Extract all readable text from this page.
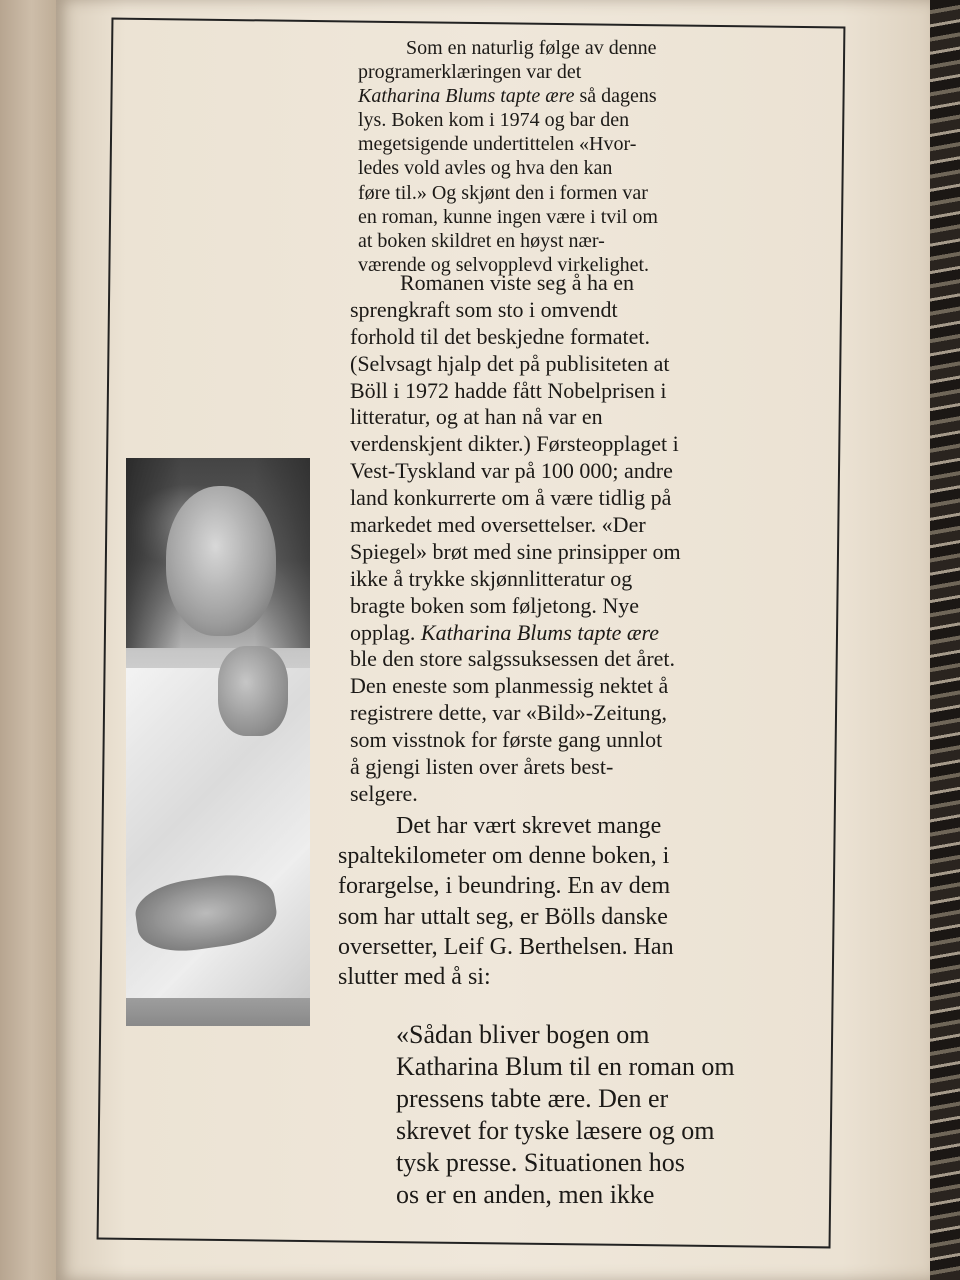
Som en naturlig følge av denne
programerklæringen var det
Katharina Blums tapte ære så dagens
lys. Boken kom i 1974 og bar den
megetsigende undertittelen «Hvor-
ledes vold avles og hva den kan
føre til.» Og skjønt den i formen var
en roman, kunne ingen være i tvil om
at boken skildret en høyst nær-
værende og selvopplevd virkelighet.
Romanen viste seg å ha en
sprengkraft som sto i omvendt
forhold til det beskjedne formatet.
(Selvsagt hjalp det på publisiteten at
Böll i 1972 hadde fått Nobelprisen i
litteratur, og at han nå var en
verdenskjent dikter.) Førsteopplaget i
Vest-Tyskland var på 100 000; andre
land konkurrerte om å være tidlig på
markedet med oversettelser. «Der
Spiegel» brøt med sine prinsipper om
ikke å trykke skjønnlitteratur og
bragte boken som føljetong. Nye
opplag. Katharina Blums tapte ære
ble den store salgssuksessen det året.
Den eneste som planmessig nektet å
registrere dette, var «Bild»-Zeitung,
som visstnok for første gang unnlot
å gjengi listen over årets best-
selgere.
Det har vært skrevet mange
spaltekilometer om denne boken, i
forargelse, i beundring. En av dem
som har uttalt seg, er Bölls danske
oversetter, Leif G. Berthelsen. Han
slutter med å si:
«Sådan bliver bogen om
Katharina Blum til en roman om
pressens tabte ære. Den er
skrevet for tyske læsere og om
tysk presse. Situationen hos
os er en anden, men ikke
